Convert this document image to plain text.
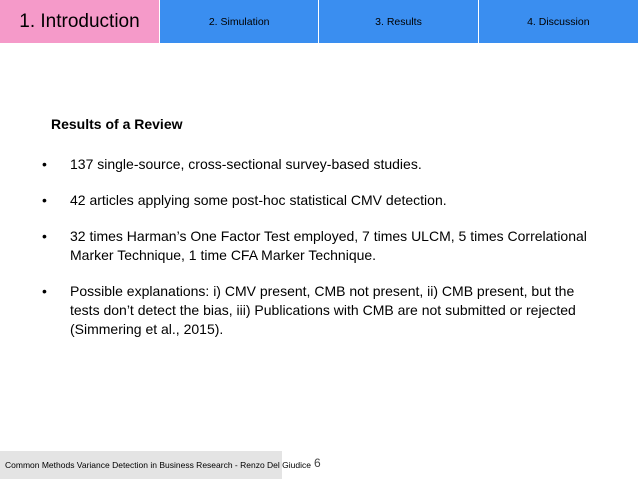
1. Introduction	2. Simulation	3. Results	4. Discussion
Results of a Review
• 137 single-source, cross-sectional survey-based studies.
• 42 articles applying some post-hoc statistical CMV detection.
• 32 times Harman’s One Factor Test employed, 7 times ULCM, 5 times Correlational Marker Technique, 1 time CFA Marker Technique.
• Possible explanations: i) CMV present, CMB not present, ii) CMB present, but the tests don’t detect the bias, iii) Publications with CMB are not submitted or rejected (Simmering et al., 2015).
Common Methods Variance Detection in Business Research - Renzo Del Giudice 6
